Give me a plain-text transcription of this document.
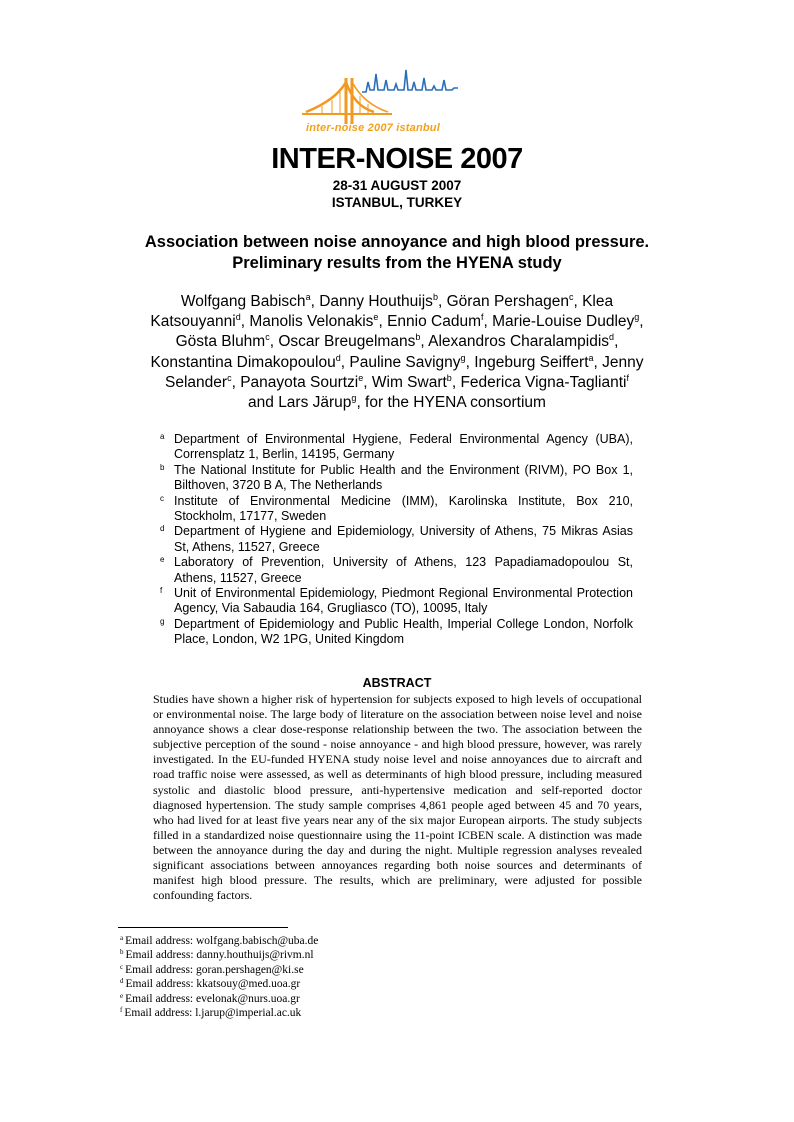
inter-noise 2007 istanbul
INTER-NOISE 2007
28-31 AUGUST 2007
ISTANBUL, TURKEY
Association between noise annoyance and high blood pressure.
Preliminary results from the HYENA study
Wolfgang Babisch$^a$, Danny Houthuijs$^b$, Göran Pershagen$^c$, Klea Katsouyanni$^d$, Manolis Velonakis$^e$, Ennio Cadum$^f$, Marie-Louise Dudley$^g$, Gösta Bluhm$^c$, Oscar Breugelmans$^b$, Alexandros Charalampidis$^d$, Konstantina Dimakopoulou$^d$, Pauline Savigny$^g$, Ingeburg Seiffert$^a$, Jenny Selander$^c$, Panayota Sourtzi$^e$, Wim Swart$^b$, Federica Vigna-Taglianti$^f$ and Lars Järup$^g$, for the HYENA consortium
a Department of Environmental Hygiene, Federal Environmental Agency (UBA), Corrensplatz 1, Berlin, 14195, Germany
b The National Institute for Public Health and the Environment (RIVM), PO Box 1, Bilthoven, 3720 B A, The Netherlands
c Institute of Environmental Medicine (IMM), Karolinska Institute, Box 210, Stockholm, 17177, Sweden
d Department of Hygiene and Epidemiology, University of Athens, 75 Mikras Asias St, Athens, 11527, Greece
e Laboratory of Prevention, University of Athens, 123 Papadiamadopoulou St, Athens, 11527, Greece
f Unit of Environmental Epidemiology, Piedmont Regional Environmental Protection Agency, Via Sabaudia 164, Grugliasco (TO), 10095, Italy
g Department of Epidemiology and Public Health, Imperial College London, Norfolk Place, London, W2 1PG, United Kingdom
ABSTRACT
Studies have shown a higher risk of hypertension for subjects exposed to high levels of occupational or environmental noise. The large body of literature on the association between noise level and noise annoyance shows a clear dose-response relationship between the two. The association between the subjective perception of the sound - noise annoyance - and high blood pressure, however, was rarely investigated. In the EU-funded HYENA study noise level and noise annoyances due to aircraft and road traffic noise were assessed, as well as determinants of high blood pressure, including measured systolic and diastolic blood pressure, anti-hypertensive medication and self-reported doctor diagnosed hypertension. The study sample comprises 4,861 people aged between 45 and 70 years, who had lived for at least five years near any of the six major European airports. The study subjects filled in a standardized noise questionnaire using the 11-point ICBEN scale. A distinction was made between the annoyance during the day and during the night. Multiple regression analyses revealed significant associations between annoyances regarding both noise sources and determinants of manifest high blood pressure. The results, which are preliminary, were adjusted for possible confounding factors.
$^a$ Email address: wolfgang.babisch@uba.de
$^b$ Email address: danny.houthuijs@rivm.nl
$^c$ Email address: goran.pershagen@ki.se
$^d$ Email address: kkatsouy@med.uoa.gr
$^e$ Email address: evelonak@nurs.uoa.gr
$^f$ Email address: l.jarup@imperial.ac.uk
